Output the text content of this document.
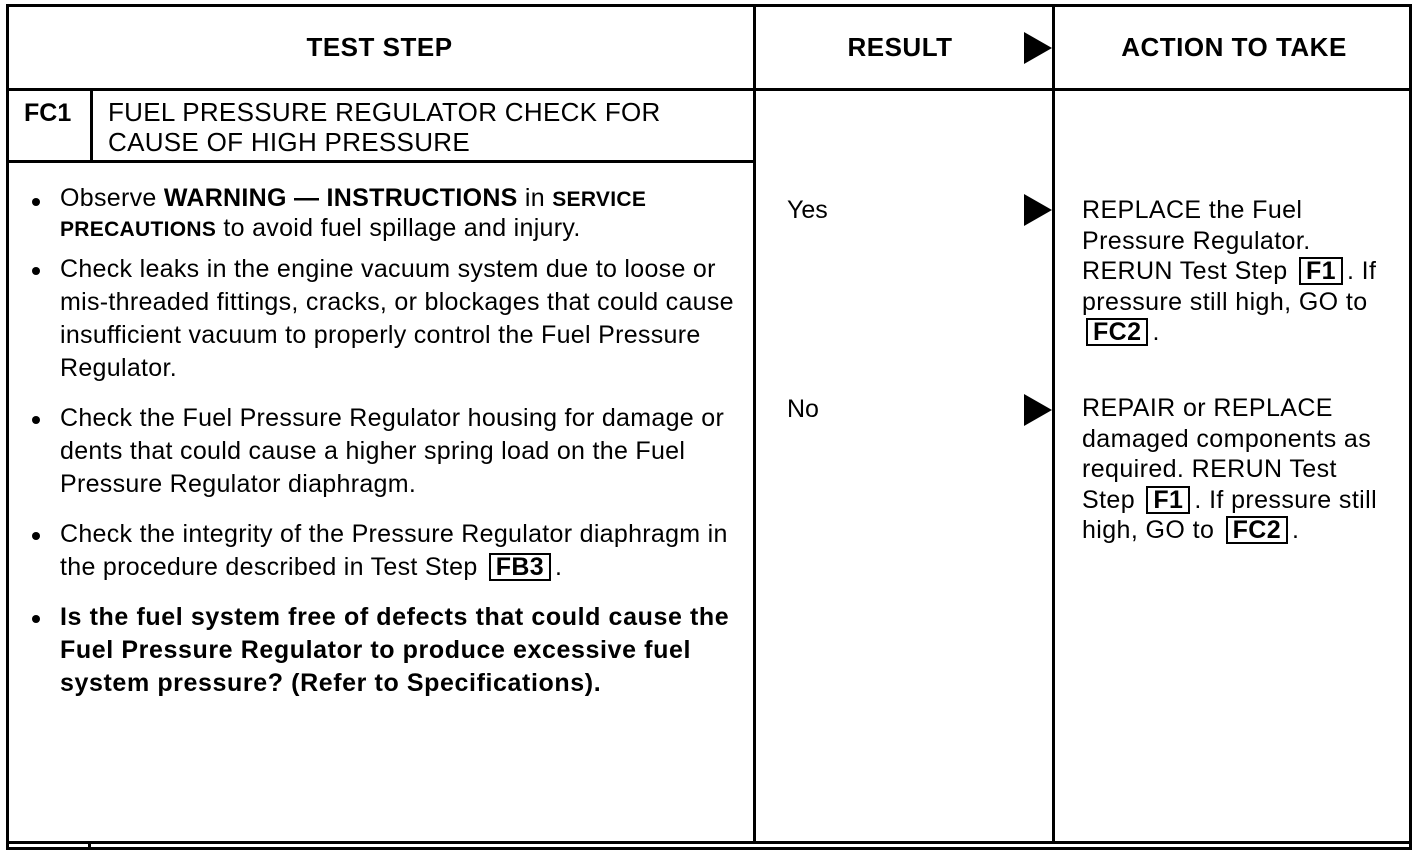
TEST STEP	RESULT	ACTION TO TAKE
FC1 FUEL PRESSURE REGULATOR CHECK FOR CAUSE OF HIGH PRESSURE
Observe WARNING — INSTRUCTIONS in SERVICE PRECAUTIONS to avoid fuel spillage and injury.
Check leaks in the engine vacuum system due to loose or mis-threaded fittings, cracks, or blockages that could cause insufficient vacuum to properly control the Fuel Pressure Regulator.
Check the Fuel Pressure Regulator housing for damage or dents that could cause a higher spring load on the Fuel Pressure Regulator diaphragm.
Check the integrity of the Pressure Regulator diaphragm in the procedure described in Test Step FB3 .
Is the fuel system free of defects that could cause the Fuel Pressure Regulator to produce excessive fuel system pressure? (Refer to Specifications).
Yes
No
REPLACE the Fuel Pressure Regulator. RERUN Test Step F1 . If pressure still high, GO to FC2 .
REPAIR or REPLACE damaged components as required. RERUN Test Step F1 . If pressure still high, GO to FC2 .
